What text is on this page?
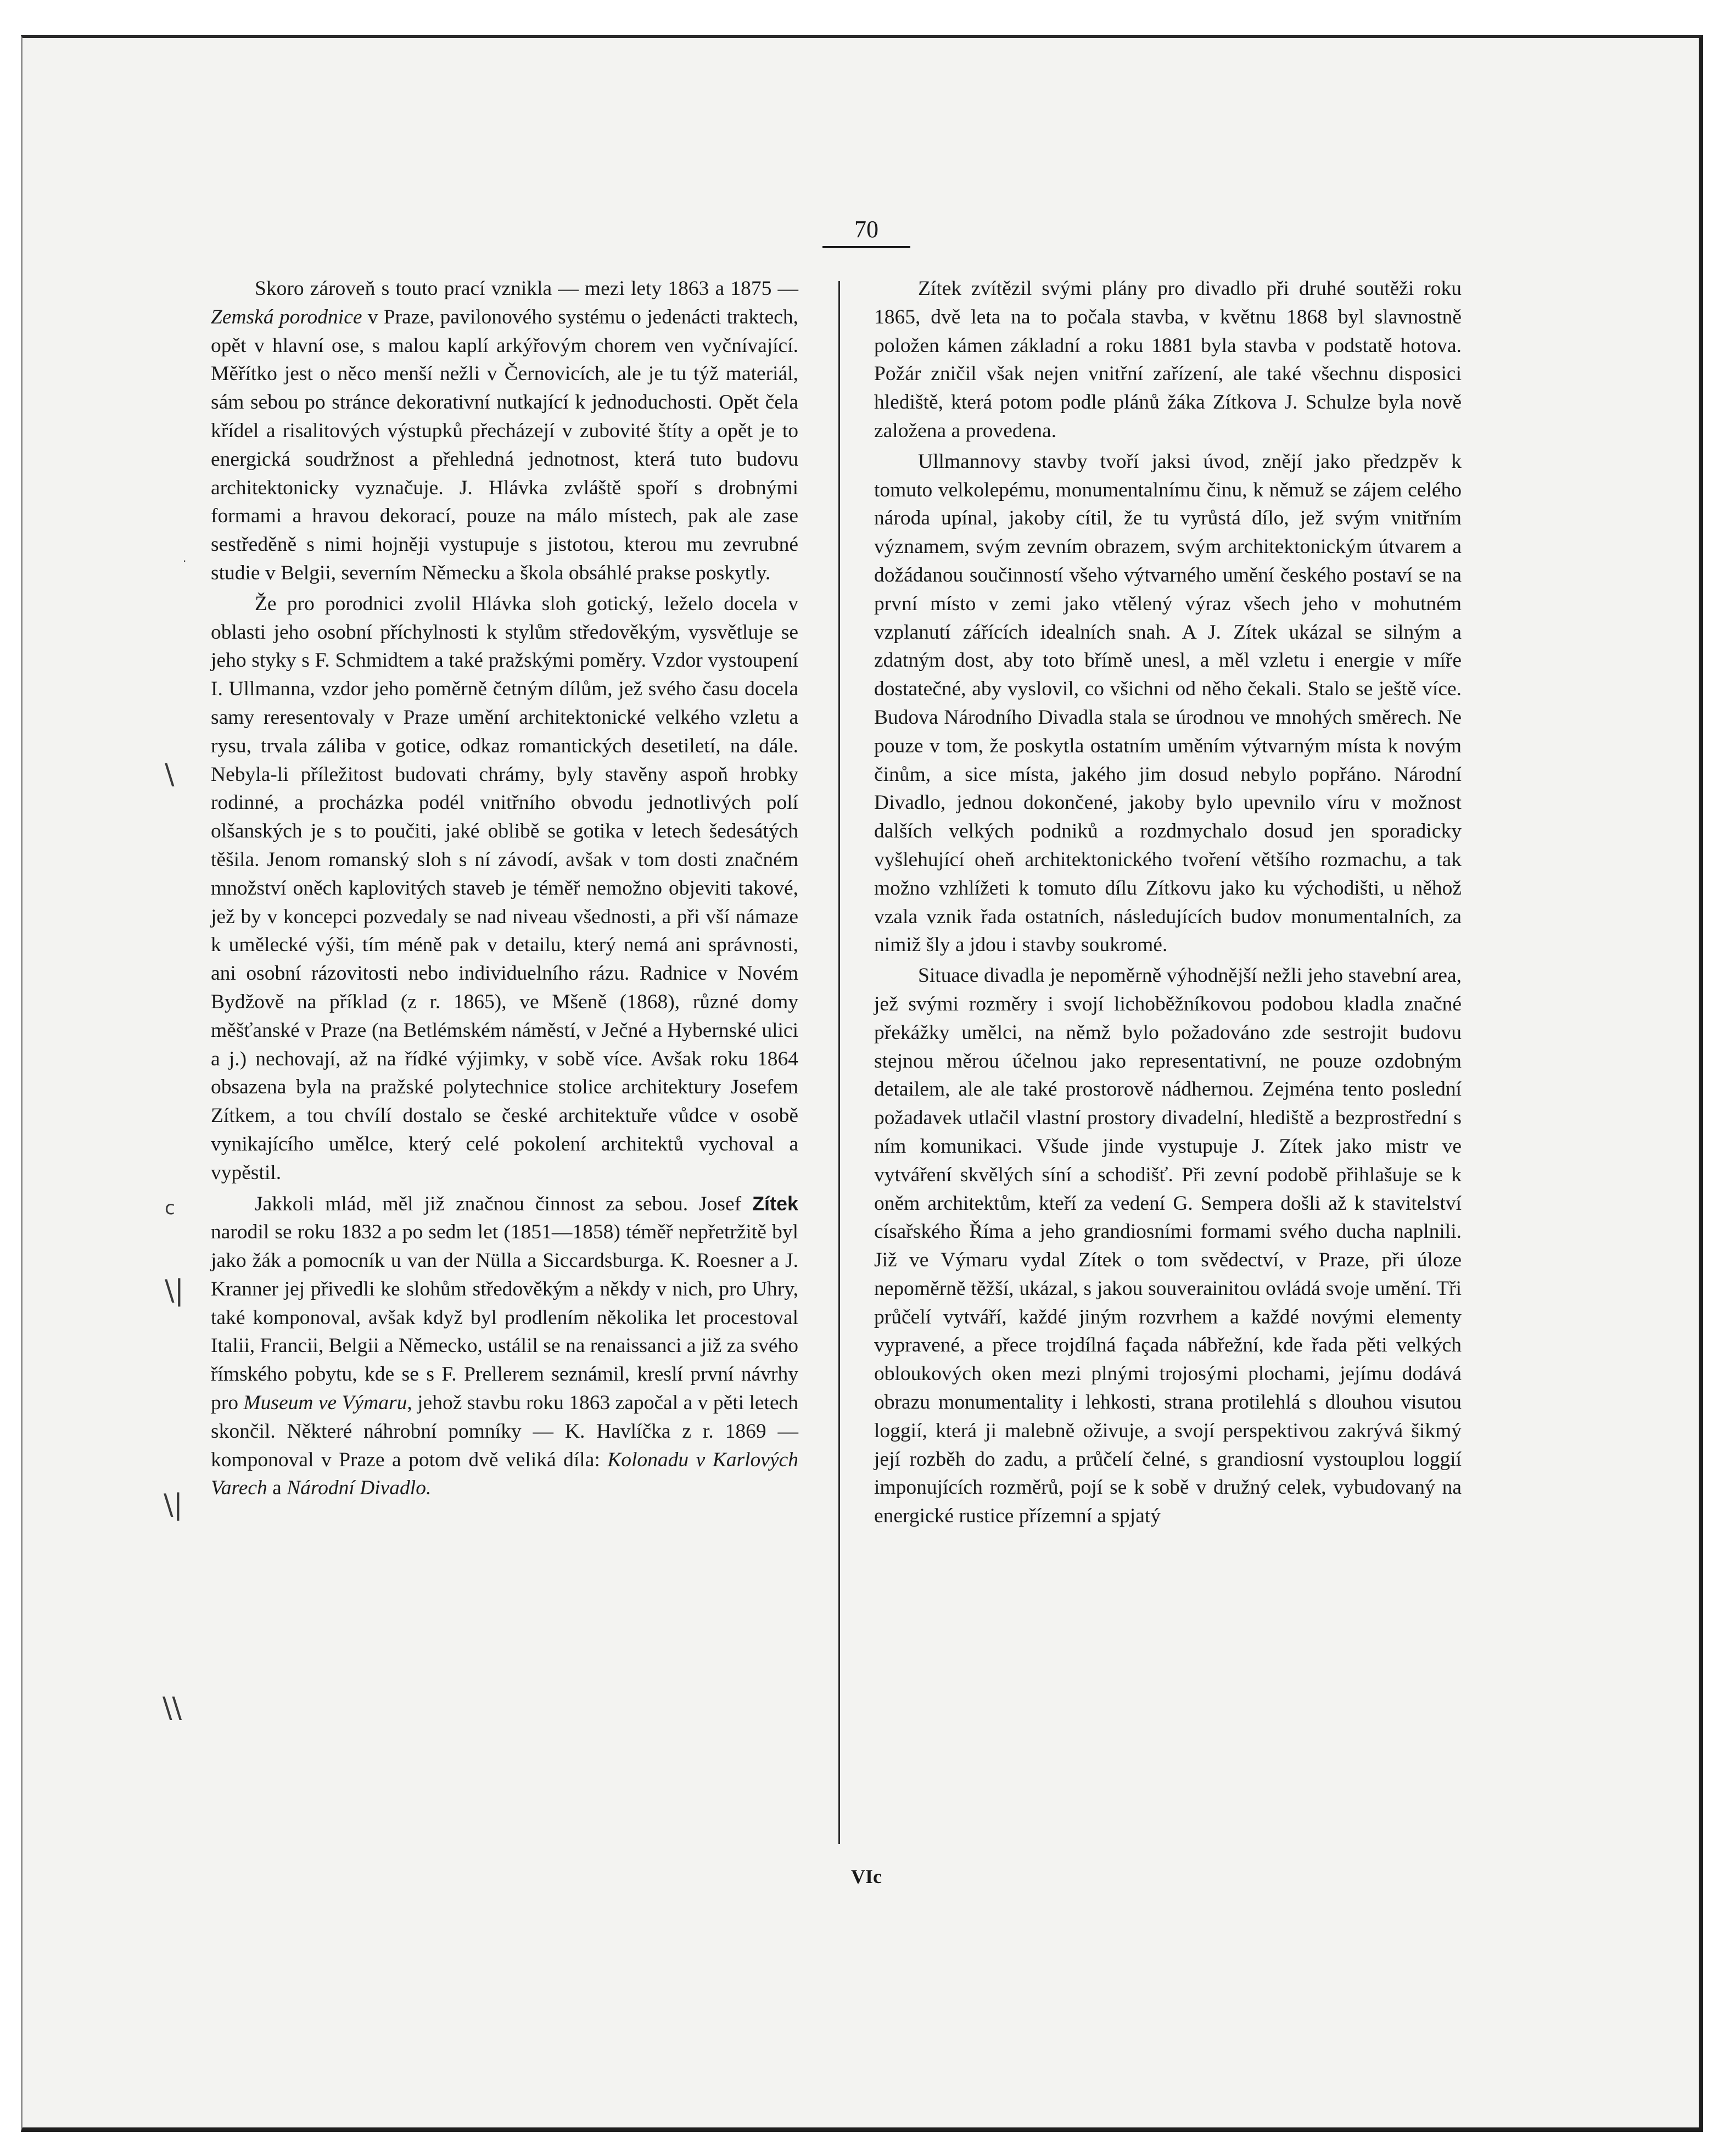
70

Skoro zároveň s touto prací vznikla — mezi lety 1863 a 1875 — Zemská porodnice v Praze, pavilonového systému o jedenácti traktech, opět v hlavní ose, s malou kaplí arkýřovým chorem ven vyčnívající. Měřítko jest o něco menší nežli v Černovicích, ale je tu týž materiál, sám sebou po stránce dekorativní nutkající k jednoduchosti. Opět čela křídel a risalitových výstupků přecházejí v zubovité štíty a opět je to energická soudržnost a přehledná jednotnost, která tuto budovu architektonicky vyznačuje. J. Hlávka zvláště spoří s drobnými formami a hravou dekorací, pouze na málo místech, pak ale zase sestředěně s nimi hojněji vystupuje s jistotou, kterou mu zevrubné studie v Belgii, severním Německu a škola obsáhlé prakse poskytly.

Že pro porodnici zvolil Hlávka sloh gotický, leželo docela v oblasti jeho osobní příchylnosti k stylům středověkým, vysvětluje se jeho styky s F. Schmidtem a také pražskými poměry. Vzdor vystoupení I. Ullmanna, vzdor jeho poměrně četným dílům, jež svého času docela samy reresentovaly v Praze umění architektonické velkého vzletu a rysu, trvala záliba v gotice, odkaz romantických desetiletí, na dále. Nebyla-li příležitost budovati chrámy, byly stavěny aspoň hrobky rodinné, a procházka podél vnitřního obvodu jednotlivých polí olšanských je s to poučiti, jaké oblibě se gotika v letech šedesátých těšila. Jenom romanský sloh s ní závodí, avšak v tom dosti značném množství oněch kaplovitých staveb je téměř nemožno objeviti takové, jež by v koncepci pozvedaly se nad niveau všednosti, a při vší námaze k umělecké výši, tím méně pak v detailu, který nemá ani správnosti, ani osobní rázovitosti nebo individuelního rázu. Radnice v Novém Bydžově na příklad (z r. 1865), ve Mšeně (1868), různé domy měšťanské v Praze (na Betlémském náměstí, v Ječné a Hybernské ulici a j.) nechovají, až na řídké výjimky, v sobě více. Avšak roku 1864 obsazena byla na pražské polytechnice stolice architektury Josefem Zítkem, a tou chvílí dostalo se české architektuře vůdce v osobě vynikajícího umělce, který celé pokolení architektů vychoval a vypěstil.

Jakkoli mlád, měl již značnou činnost za sebou. Josef Zítek narodil se roku 1832 a po sedm let (1851—1858) téměř nepřetržitě byl jako žák a pomocník u van der Nülla a Siccardsburga. K. Roesner a J. Kranner jej přivedli ke slohům středověkým a někdy v nich, pro Uhry, také komponoval, avšak když byl prodlením několika let procestoval Italii, Francii, Belgii a Německo, ustálil se na renaissanci a již za svého římského pobytu, kde se s F. Prellerem seznámil, kreslí první návrhy pro Museum ve Výmaru, jehož stavbu roku 1863 započal a v pěti letech skončil. Některé náhrobní pomníky — K. Havlíčka z r. 1869 — komponoval v Praze a potom dvě veliká díla: Kolonadu v Karlových Varech a Národní Divadlo.

Zítek zvítězil svými plány pro divadlo při druhé soutěži roku 1865, dvě leta na to počala stavba, v květnu 1868 byl slavnostně položen kámen základní a roku 1881 byla stavba v podstatě hotova. Požár zničil však nejen vnitřní zařízení, ale také všechnu disposici hlediště, která potom podle plánů žáka Zítkova J. Schulze byla nově založena a provedena.

Ullmannovy stavby tvoří jaksi úvod, znějí jako předzpěv k tomuto velkolepému, monumentalnímu činu, k němuž se zájem celého národa upínal, jakoby cítil, že tu vyrůstá dílo, jež svým vnitřním významem, svým zevním obrazem, svým architektonickým útvarem a dožádanou součinností všeho výtvarného umění českého postaví se na první místo v zemi jako vtělený výraz všech jeho v mohutném vzplanutí zářících idealních snah. A J. Zítek ukázal se silným a zdatným dost, aby toto břímě unesl, a měl vzletu i energie v míře dostatečné, aby vyslovil, co všichni od něho čekali. Stalo se ještě více. Budova Národního Divadla stala se úrodnou ve mnohých směrech. Ne pouze v tom, že poskytla ostatním uměním výtvarným místa k novým činům, a sice místa, jakého jim dosud nebylo popřáno. Národní Divadlo, jednou dokončené, jakoby bylo upevnilo víru v možnost dalších velkých podniků a rozdmychalo dosud jen sporadicky vyšlehující oheň architektonického tvoření většího rozmachu, a tak možno vzhlížeti k tomuto dílu Zítkovu jako ku východišti, u něhož vzala vznik řada ostatních, následujících budov monumentalních, za nimiž šly a jdou i stavby soukromé.

Situace divadla je nepoměrně výhodnější nežli jeho stavební area, jež svými rozměry i svojí lichoběžníkovou podobou kladla značné překážky umělci, na němž bylo požadováno zde sestrojit budovu stejnou měrou účelnou jako representativní, ne pouze ozdobným detailem, ale ale také prostorově nádhernou. Zejména tento poslední požadavek utlačil vlastní prostory divadelní, hlediště a bezprostřední s ním komunikaci. Všude jinde vystupuje J. Zítek jako mistr ve vytváření skvělých síní a schodišť. Při zevní podobě přihlašuje se k oněm architektům, kteří za vedení G. Sempera došli až k stavitelství císařského Říma a jeho grandiosními formami svého ducha naplnili. Již ve Výmaru vydal Zítek o tom svědectví, v Praze, při úloze nepoměrně těžší, ukázal, s jakou souverainitou ovládá svoje umění. Tři průčelí vytváří, každé jiným rozvrhem a každé novými elementy vypravené, a přece trojdílná façada nábřežní, kde řada pěti velkých obloukových oken mezi plnými trojosými plochami, jejímu dodává obrazu monumentality i lehkosti, strana protilehlá s dlouhou visutou loggií, která ji malebně oživuje, a svojí perspektivou zakrývá šikmý její rozběh do zadu, a průčelí čelné, s grandiosní vystouplou loggií imponujících rozměrů, pojí se k sobě v družný celek, vybudovaný na energické rustice přízemní a spjatý

VIc
·
\
c
\|
\|
\\
